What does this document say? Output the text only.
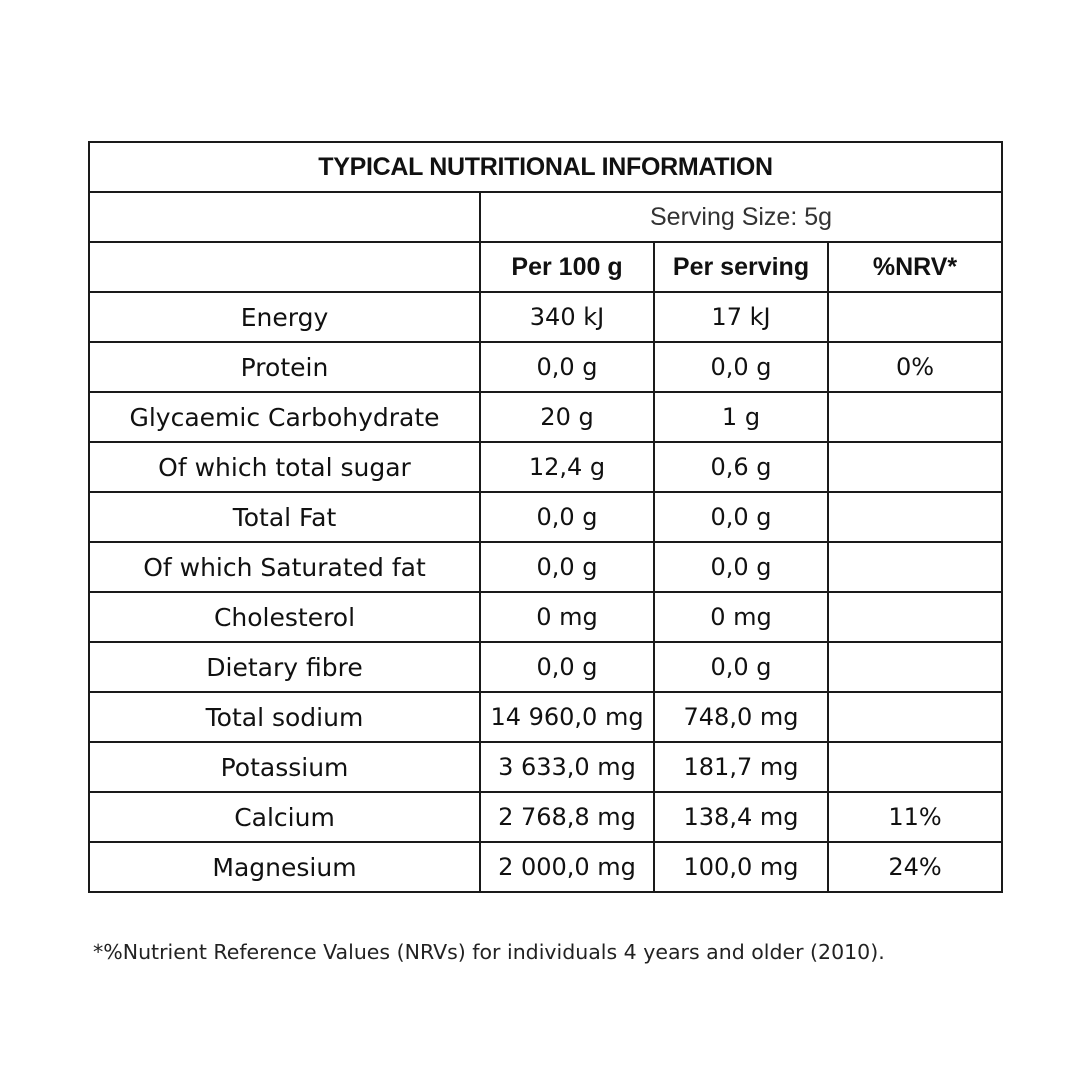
TYPICAL NUTRITIONAL INFORMATION			
	Serving Size: 5g		
	Per 100 g	Per serving	%NRV*
Energy	340 kJ	17 kJ	
Protein	0,0 g	0,0 g	0%
Glycaemic Carbohydrate	20 g	1 g	
Of which total sugar	12,4 g	0,6 g	
Total Fat	0,0 g	0,0 g	
Of which Saturated fat	0,0 g	0,0 g	
Cholesterol	0 mg	0 mg	
Dietary fibre	0,0 g	0,0 g	
Total sodium	14 960,0 mg	748,0 mg	
Potassium	3 633,0 mg	181,7 mg	
Calcium	2 768,8 mg	138,4 mg	11%
Magnesium	2 000,0 mg	100,0 mg	24%
*%Nutrient Reference Values (NRVs) for individuals 4 years and older (2010).
